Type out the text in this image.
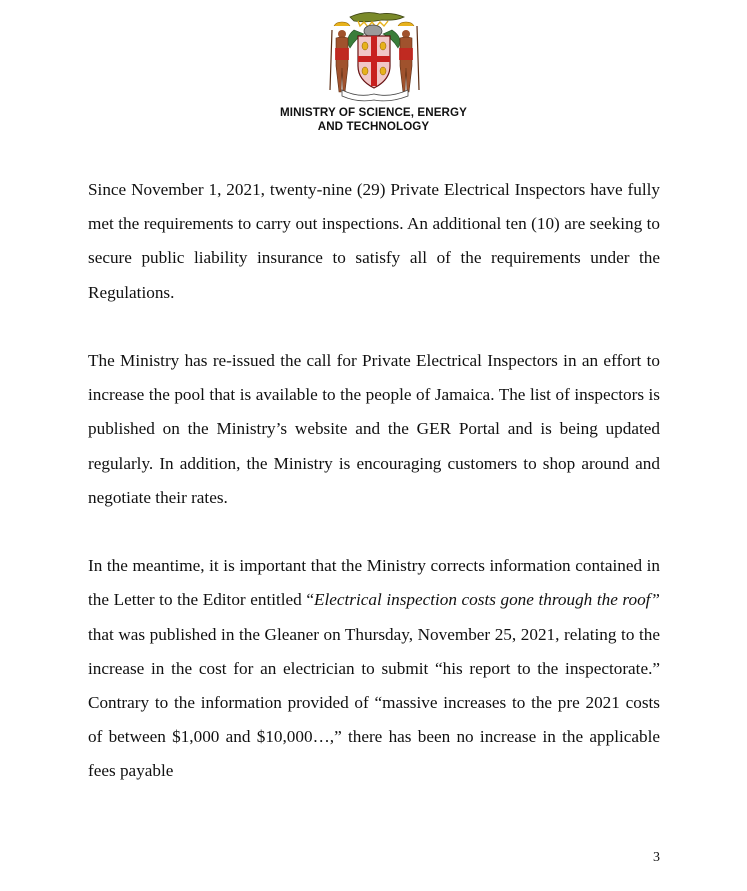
MINISTRY OF SCIENCE, ENERGY
AND TECHNOLOGY

Since November 1, 2021, twenty-nine (29) Private Electrical Inspectors have fully met the requirements to carry out inspections. An additional ten (10) are seeking to secure public liability insurance to satisfy all of the requirements under the Regulations.

The Ministry has re-issued the call for Private Electrical Inspectors in an effort to increase the pool that is available to the people of Jamaica. The list of inspectors is published on the Ministry’s website and the GER Portal and is being updated regularly. In addition, the Ministry is encouraging customers to shop around and negotiate their rates.

In the meantime, it is important that the Ministry corrects information contained in the Letter to the Editor entitled “Electrical inspection costs gone through the roof” that was published in the Gleaner on Thursday, November 25, 2021, relating to the increase in the cost for an electrician to submit “his report to the inspectorate.” Contrary to the information provided of “massive increases to the pre 2021 costs of between $1,000 and $10,000…,” there has been no increase in the applicable fees payable

3
